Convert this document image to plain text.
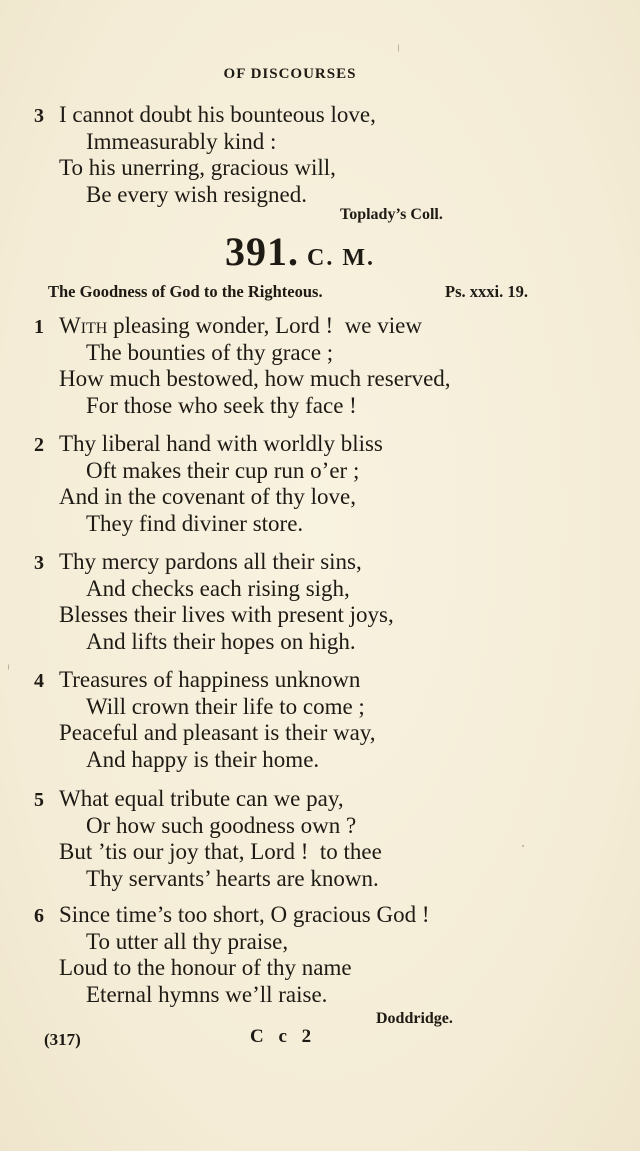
OF DISCOURSES
3 I cannot doubt his bounteous love,
Immeasurably kind :
To his unerring, gracious will,
Be every wish resigned.
Toplady’s Coll.
391. C. M.
The Goodness of God to the Righteous.	Ps. xxxi. 19.
1 With pleasing wonder, Lord !  we view
The bounties of thy grace ;
How much bestowed, how much reserved,
For those who seek thy face !
2 Thy liberal hand with worldly bliss
Oft makes their cup run o’er ;
And in the covenant of thy love,
They find diviner store.
3 Thy mercy pardons all their sins,
And checks each rising sigh,
Blesses their lives with present joys,
And lifts their hopes on high.
4 Treasures of happiness unknown
Will crown their life to come ;
Peaceful and pleasant is their way,
And happy is their home.
5 What equal tribute can we pay,
Or how such goodness own ?
But ’tis our joy that, Lord !  to thee
Thy servants’ hearts are known.
6 Since time’s too short, O gracious God !
To utter all thy praise,
Loud to the honour of thy name
Eternal hymns we’ll raise.
Doddridge.
(317)	C c 2
